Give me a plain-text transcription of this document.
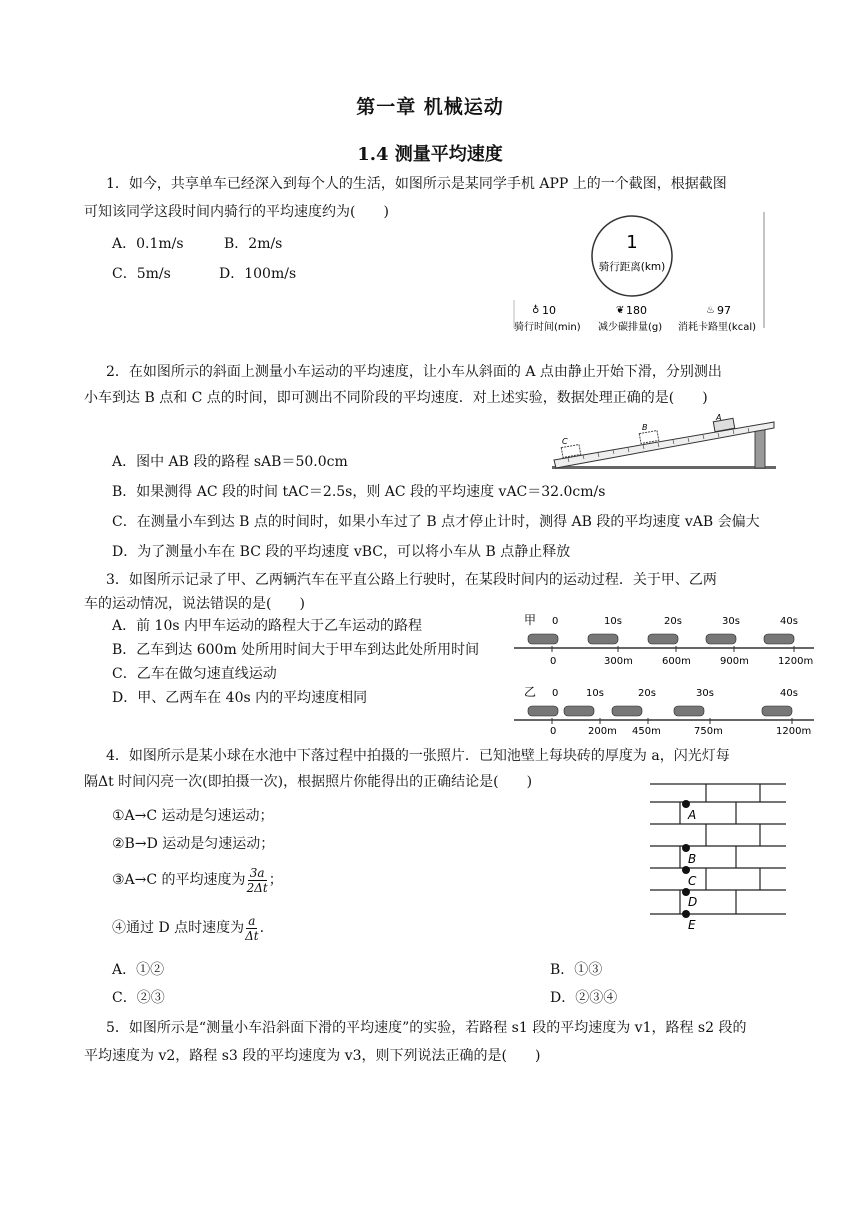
第一章 机械运动
1.4 测量平均速度
1．如今，共享单车已经深入到每个人的生活，如图所示是某同学手机 APP 上的一个截图，根据截图
可知该同学这段时间内骑行的平均速度约为(　　)
A．0.1m/s	B．2m/s
C．5m/s	D．100m/s
1
骑行距离(km)
♁ 10
骑行时间(min)
❦ 180
减少碳排量(g)
♨ 97
消耗卡路里(kcal)
2．在如图所示的斜面上测量小车运动的平均速度，让小车从斜面的 A 点由静止开始下滑，分别测出
小车到达 B 点和 C 点的时间，即可测出不同阶段的平均速度．对上述实验，数据处理正确的是(　　)
C
B
A
A．图中 AB 段的路程 sAB＝50.0cm
B．如果测得 AC 段的时间 tAC＝2.5s，则 AC 段的平均速度 vAC＝32.0cm/s
C．在测量小车到达 B 点的时间时，如果小车过了 B 点才停止计时，测得 AB 段的平均速度 vAB 会偏大
D．为了测量小车在 BC 段的平均速度 vBC，可以将小车从 B 点静止释放
3．如图所示记录了甲、乙两辆汽车在平直公路上行驶时，在某段时间内的运动过程．关于甲、乙两
车的运动情况，说法错误的是(　　)
A．前 10s 内甲车运动的路程大于乙车运动的路程
B．乙车到达 600m 处所用时间大于甲车到达此处所用时间
C．乙车在做匀速直线运动
D．甲、乙两车在 40s 内的平均速度相同
甲 0	10s	20s	30s	40s
0	300m	600m	900m	1200m
乙 0	10s	20s	30s	40s
0	200m 450m	750m	1200m
4．如图所示是某小球在水池中下落过程中拍摄的一张照片．已知池壁上每块砖的厚度为 a，闪光灯每
隔Δt 时间闪亮一次(即拍摄一次)，根据照片你能得出的正确结论是(　　)
①A→C 运动是匀速运动；
②B→D 运动是匀速运动；
③A→C 的平均速度为 3a
2Δt ；
④通过 D 点时速度为 a
Δt .
A
B
C
D
E
A．①②	B．①③
C．②③	D．②③④
5．如图所示是“测量小车沿斜面下滑的平均速度”的实验，若路程 s1 段的平均速度为 v1，路程 s2 段的
平均速度为 v2，路程 s3 段的平均速度为 v3，则下列说法正确的是(　　)
